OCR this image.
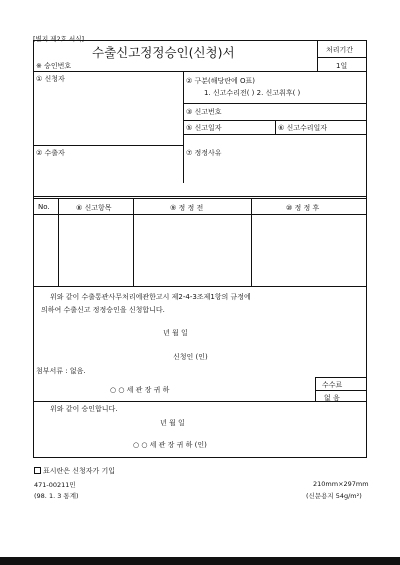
[별지 제2호 서식]
수출신고정정승인(신청)서
※ 승인번호
처리기간
1일
① 신청자	② 구분(해당란에 O표)
1. 신고수리전( ) 2. 신고취후( )
③ 신고번호
⑤ 신고일자	⑥ 신고수리일자
② 수출자	⑦ 정정사유
No.	⑧ 신고항목	⑨ 정 정 전	⑩ 정 정 후
위와 같이 수출통관사무처리에관한고시 제2-4-3조제1항의 규정에
의하여 수출신고 정정승인을 신청합니다.
년 월 일
신청인 (인)
첨부서류 : 없음.
○ ○ 세 관 장 귀 하
수수료
없 음
위와 같이 승인합니다.
년 월 일
○ ○ 세 관 장 귀 하 (인)
표시란은 신청자가 기입
471-00211민
(98. 1. 3 통계)
210mm×297mm
(신문용지 54g/m²)
